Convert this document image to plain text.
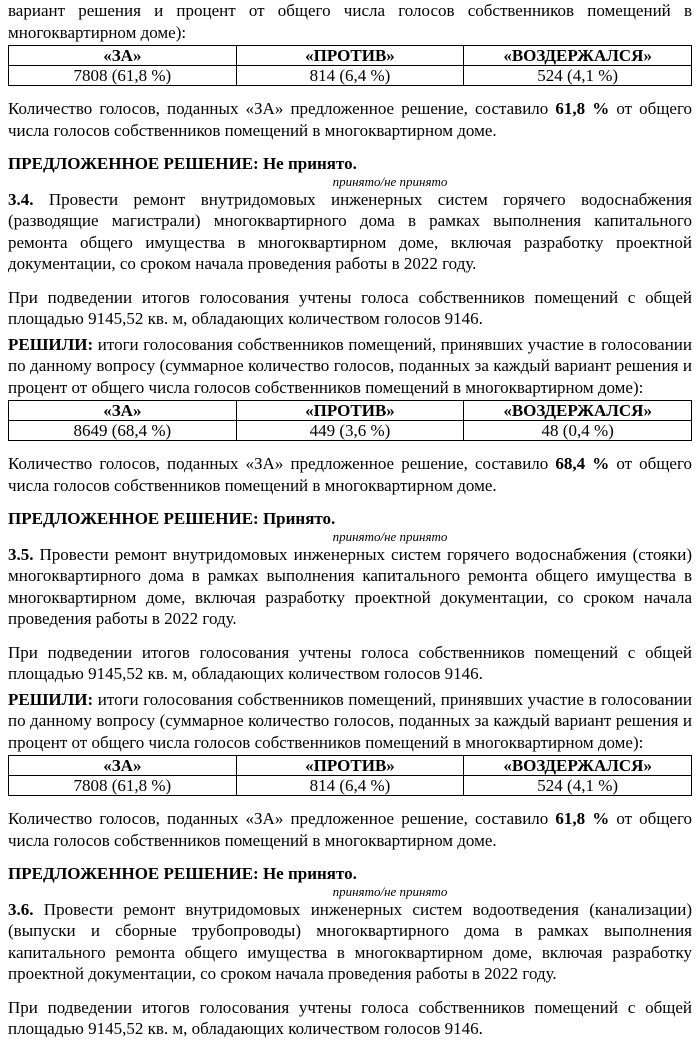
вариант решения и процент от общего числа голосов собственников помещений в многоквартирном доме):

«ЗА»	«ПРОТИВ»	«ВОЗДЕРЖАЛСЯ»
7808 (61,8 %)	814 (6,4 %)	524 (4,1 %)

Количество голосов, поданных «ЗА» предложенное решение, составило 61,8 % от общего числа голосов собственников помещений в многоквартирном доме.

ПРЕДЛОЖЕННОЕ РЕШЕНИЕ: Не принято.

принято/не принято

3.4. Провести ремонт внутридомовых инженерных систем горячего водоснабжения (разводящие магистрали) многоквартирного дома в рамках выполнения капитального ремонта общего имущества в многоквартирном доме, включая разработку проектной документации, со сроком начала проведения работы в 2022 году.

При подведении итогов голосования учтены голоса собственников помещений с общей площадью 9145,52 кв. м, обладающих количеством голосов 9146.

РЕШИЛИ: итоги голосования собственников помещений, принявших участие в голосовании по данному вопросу (суммарное количество голосов, поданных за каждый вариант решения и процент от общего числа голосов собственников помещений в многоквартирном доме):

«ЗА»	«ПРОТИВ»	«ВОЗДЕРЖАЛСЯ»
8649 (68,4 %)	449 (3,6 %)	48 (0,4 %)

Количество голосов, поданных «ЗА» предложенное решение, составило 68,4 % от общего числа голосов собственников помещений в многоквартирном доме.

ПРЕДЛОЖЕННОЕ РЕШЕНИЕ: Принято.

принято/не принято

3.5. Провести ремонт внутридомовых инженерных систем горячего водоснабжения (стояки) многоквартирного дома в рамках выполнения капитального ремонта общего имущества в многоквартирном доме, включая разработку проектной документации, со сроком начала проведения работы в 2022 году.

При подведении итогов голосования учтены голоса собственников помещений с общей площадью 9145,52 кв. м, обладающих количеством голосов 9146.

РЕШИЛИ: итоги голосования собственников помещений, принявших участие в голосовании по данному вопросу (суммарное количество голосов, поданных за каждый вариант решения и процент от общего числа голосов собственников помещений в многоквартирном доме):

«ЗА»	«ПРОТИВ»	«ВОЗДЕРЖАЛСЯ»
7808 (61,8 %)	814 (6,4 %)	524 (4,1 %)

Количество голосов, поданных «ЗА» предложенное решение, составило 61,8 % от общего числа голосов собственников помещений в многоквартирном доме.

ПРЕДЛОЖЕННОЕ РЕШЕНИЕ: Не принято.

принято/не принято

3.6. Провести ремонт внутридомовых инженерных систем водоотведения (канализации) (выпуски и сборные трубопроводы) многоквартирного дома в рамках выполнения капитального ремонта общего имущества в многоквартирном доме, включая разработку проектной документации, со сроком начала проведения работы в 2022 году.

При подведении итогов голосования учтены голоса собственников помещений с общей площадью 9145,52 кв. м, обладающих количеством голосов 9146.
